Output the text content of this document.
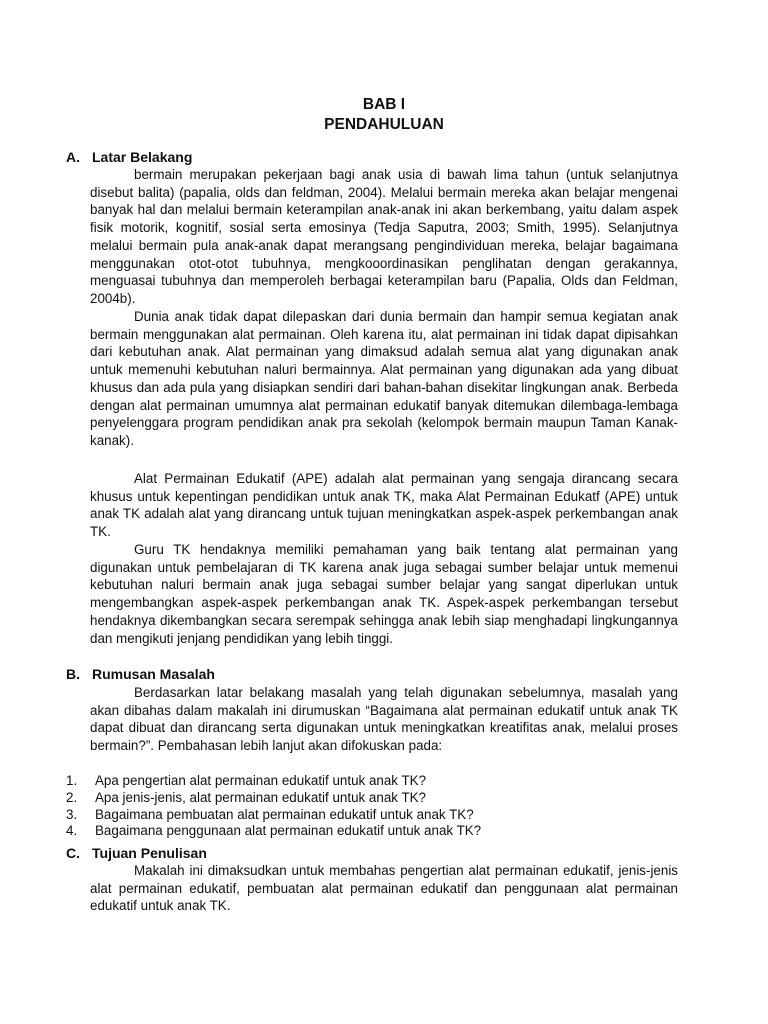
BAB I
PENDAHULUAN
A. Latar Belakang

bermain merupakan pekerjaan bagi anak usia di bawah lima tahun (untuk selanjutnya disebut balita) (papalia, olds dan feldman, 2004). Melalui bermain mereka akan belajar mengenai banyak hal dan melalui bermain keterampilan anak-anak ini akan berkembang, yaitu dalam aspek fisik motorik, kognitif, sosial serta emosinya (Tedja Saputra, 2003; Smith, 1995). Selanjutnya melalui bermain pula anak-anak dapat merangsang pengindividuan mereka, belajar bagaimana menggunakan otot-otot tubuhnya, mengkooordinasikan penglihatan dengan gerakannya, menguasai tubuhnya dan memperoleh berbagai keterampilan baru (Papalia, Olds dan Feldman, 2004b).

Dunia anak tidak dapat dilepaskan dari dunia bermain dan hampir semua kegiatan anak bermain menggunakan alat permainan. Oleh karena itu, alat permainan ini tidak dapat dipisahkan dari kebutuhan anak. Alat permainan yang dimaksud adalah semua alat yang digunakan anak untuk memenuhi kebutuhan naluri bermainnya. Alat permainan yang digunakan ada yang dibuat khusus dan ada pula yang disiapkan sendiri dari bahan-bahan disekitar lingkungan anak. Berbeda dengan alat permainan umumnya alat permainan edukatif banyak ditemukan dilembaga-lembaga penyelenggara program pendidikan anak pra sekolah (kelompok bermain maupun Taman Kanak-kanak).

Alat Permainan Edukatif (APE) adalah alat permainan yang sengaja dirancang secara khusus untuk kepentingan pendidikan untuk anak TK, maka Alat Permainan Edukatf (APE) untuk anak TK adalah alat yang dirancang untuk tujuan meningkatkan aspek-aspek perkembangan anak TK.

Guru TK hendaknya memiliki pemahaman yang baik tentang alat permainan yang digunakan untuk pembelajaran di TK karena anak juga sebagai sumber belajar untuk memenui kebutuhan naluri bermain anak juga sebagai sumber belajar yang sangat diperlukan untuk mengembangkan aspek-aspek perkembangan anak TK. Aspek-aspek perkembangan tersebut hendaknya dikembangkan secara serempak sehingga anak lebih siap menghadapi lingkungannya dan mengikuti jenjang pendidikan yang lebih tinggi.

B. Rumusan Masalah

Berdasarkan latar belakang masalah yang telah digunakan sebelumnya, masalah yang akan dibahas dalam makalah ini dirumuskan “Bagaimana alat permainan edukatif untuk anak TK dapat dibuat dan dirancang serta digunakan untuk meningkatkan kreatifitas anak, melalui proses bermain?”. Pembahasan lebih lanjut akan difokuskan pada:

1. Apa pengertian alat permainan edukatif untuk anak TK?
2. Apa jenis-jenis, alat permainan edukatif untuk anak TK?
3. Bagaimana pembuatan alat permainan edukatif untuk anak TK?
4. Bagaimana penggunaan alat permainan edukatif untuk anak TK?
C. Tujuan Penulisan

Makalah ini dimaksudkan untuk membahas pengertian alat permainan edukatif, jenis-jenis alat permainan edukatif, pembuatan alat permainan edukatif dan penggunaan alat permainan edukatif untuk anak TK.
